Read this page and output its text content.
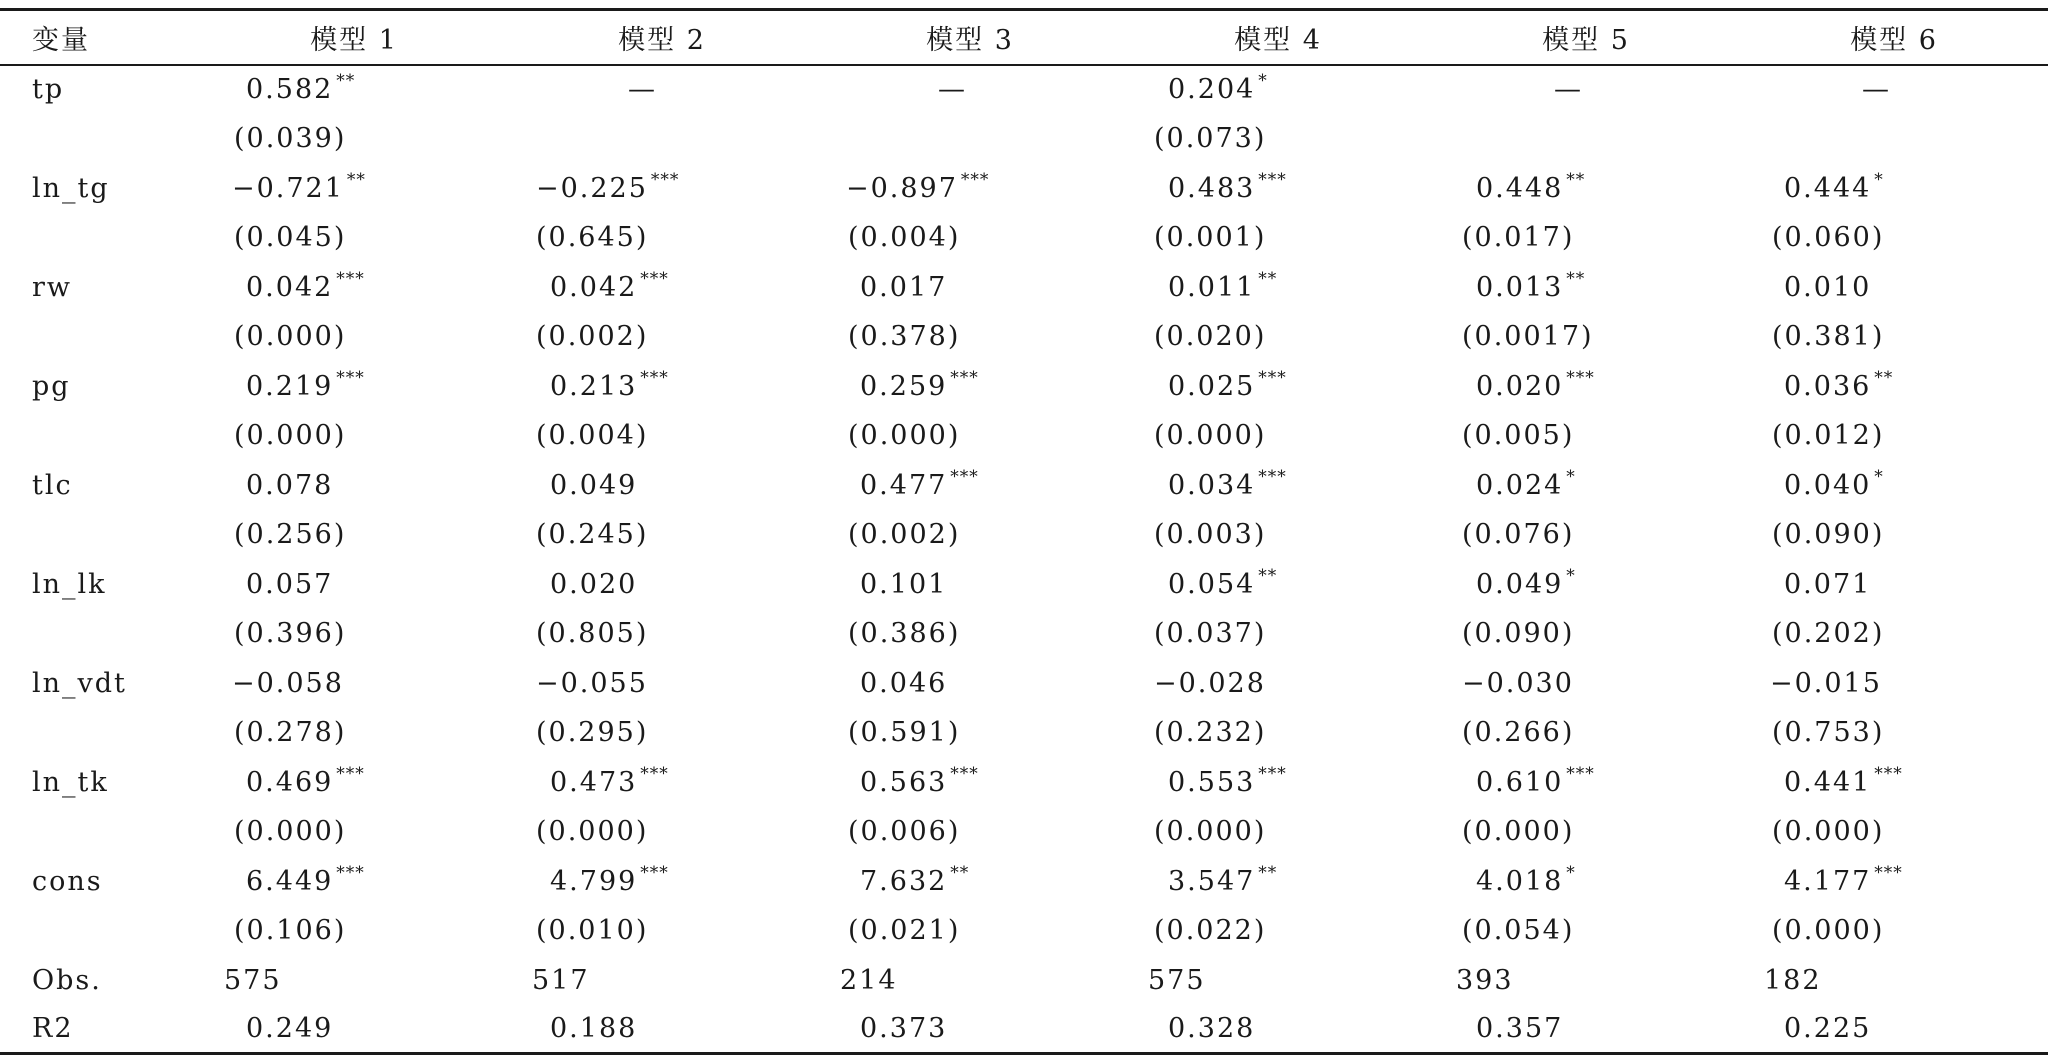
变量	模型 1	模型 2	模型 3	模型 4	模型 5	模型 6
tp	0.582 **	—	—	0.204 *	—	—
	(0.039)			(0.073)		
ln_tg	−0.721 **	−0.225 ***	−0.897 ***	0.483 ***	0.448 **	0.444 *
	(0.045)	(0.645)	(0.004)	(0.001)	(0.017)	(0.060)
rw	0.042 ***	0.042 ***	0.017	0.011 **	0.013 **	0.010
	(0.000)	(0.002)	(0.378)	(0.020)	(0.0017)	(0.381)
pg	0.219 ***	0.213 ***	0.259 ***	0.025 ***	0.020 ***	0.036 **
	(0.000)	(0.004)	(0.000)	(0.000)	(0.005)	(0.012)
tlc	0.078	0.049	0.477 ***	0.034 ***	0.024 *	0.040 *
	(0.256)	(0.245)	(0.002)	(0.003)	(0.076)	(0.090)
ln_lk	0.057	0.020	0.101	0.054 **	0.049 *	0.071
	(0.396)	(0.805)	(0.386)	(0.037)	(0.090)	(0.202)
ln_vdt	−0.058	−0.055	0.046	−0.028	−0.030	−0.015
	(0.278)	(0.295)	(0.591)	(0.232)	(0.266)	(0.753)
ln_tk	0.469 ***	0.473 ***	0.563 ***	0.553 ***	0.610 ***	0.441 ***
	(0.000)	(0.000)	(0.006)	(0.000)	(0.000)	(0.000)
cons	6.449 ***	4.799 ***	7.632 **	3.547 **	4.018 *	4.177 ***
	(0.106)	(0.010)	(0.021)	(0.022)	(0.054)	(0.000)
Obs.	575	517	214	575	393	182
R2	0.249	0.188	0.373	0.328	0.357	0.225
